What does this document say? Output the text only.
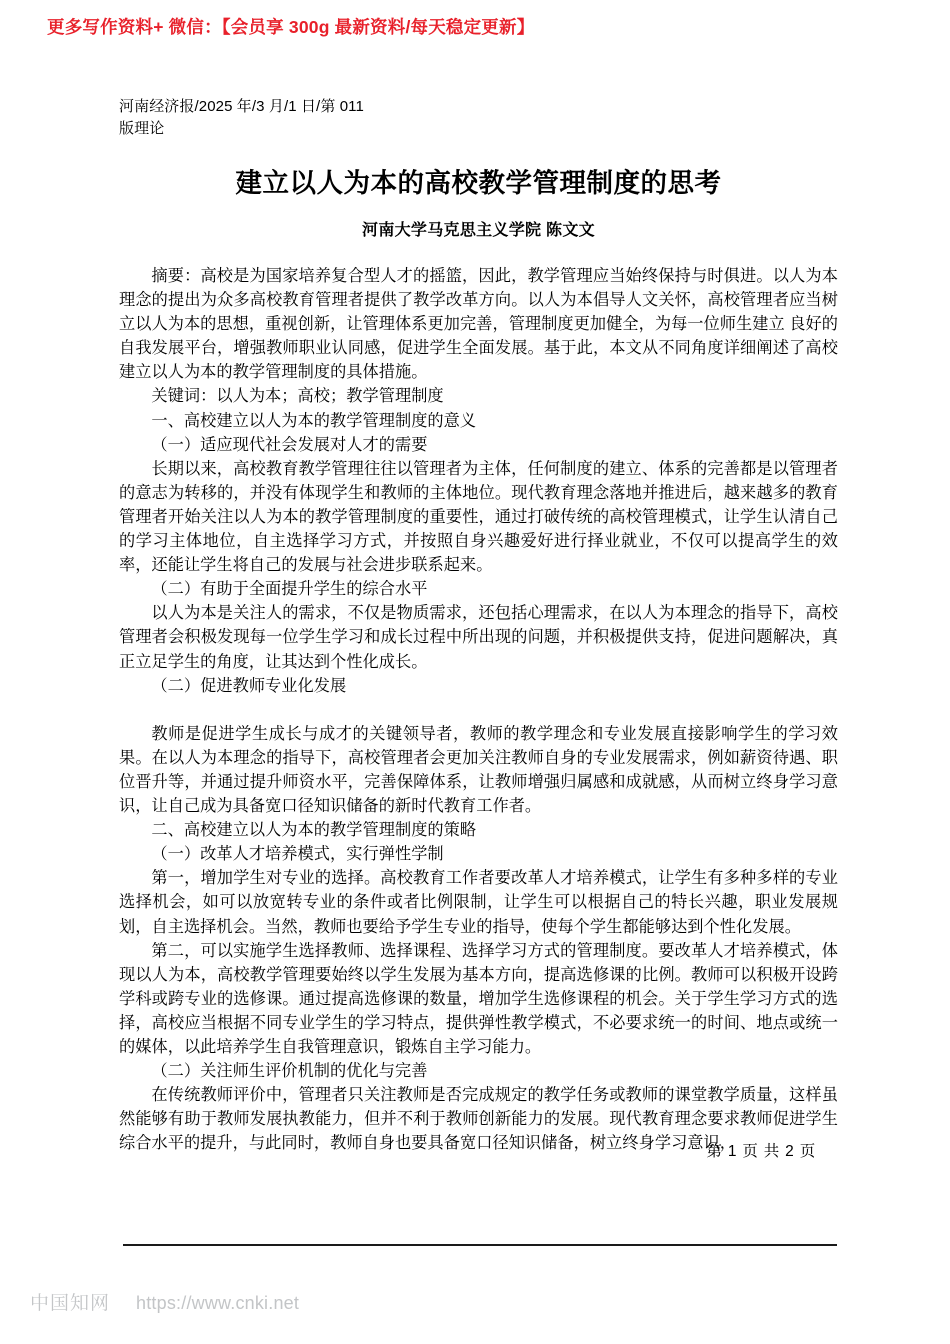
更多写作资料+ 微信：【会员享 300g 最新资料/每天稳定更新】
河南经济报/2025 年/3 月/1 日/第 011
版理论
建立以人为本的高校教学管理制度的思考
河南大学马克思主义学院 陈文文

摘要：高校是为国家培养复合型人才的摇篮，因此，教学管理应当始终保持与时俱进。以人为本理念的提出为众多高校教育管理者提供了教学改革方向。以人为本倡导人文关怀，高校管理者应当树立以人为本的思想，重视创新，让管理体系更加完善，管理制度更加健全，为每一位师生建立 良好的自我发展平台，增强教师职业认同感，促进学生全面发展。基于此，本文从不同角度详细阐述了高校建立以人为本的教学管理制度的具体措施。

关键词：以人为本；高校；教学管理制度

一、高校建立以人为本的教学管理制度的意义

（一）适应现代社会发展对人才的需要

长期以来，高校教育教学管理往往以管理者为主体，任何制度的建立、体系的完善都是以管理者的意志为转移的，并没有体现学生和教师的主体地位。现代教育理念落地并推进后，越来越多的教育管理者开始关注以人为本的教学管理制度的重要性，通过打破传统的高校管理模式，让学生认清自己的学习主体地位，自主选择学习方式，并按照自身兴趣爱好进行择业就业，不仅可以提高学生的效率，还能让学生将自己的发展与社会进步联系起来。

（二）有助于全面提升学生的综合水平

以人为本是关注人的需求，不仅是物质需求，还包括心理需求，在以人为本理念的指导下，高校管理者会积极发现每一位学生学习和成长过程中所出现的问题，并积极提供支持，促进问题解决，真正立足学生的角度，让其达到个性化成长。

（二）促进教师专业化发展

教师是促进学生成长与成才的关键领导者，教师的教学理念和专业发展直接影响学生的学习效果。在以人为本理念的指导下，高校管理者会更加关注教师自身的专业发展需求，例如薪资待遇、职位晋升等，并通过提升师资水平，完善保障体系，让教师增强归属感和成就感，从而树立终身学习意识，让自己成为具备宽口径知识储备的新时代教育工作者。

二、高校建立以人为本的教学管理制度的策略

（一）改革人才培养模式，实行弹性学制

第一，增加学生对专业的选择。高校教育工作者要改革人才培养模式，让学生有多种多样的专业选择机会，如可以放宽转专业的条件或者比例限制，让学生可以根据自己的特长兴趣，职业发展规划，自主选择机会。当然，教师也要给予学生专业的指导，使每个学生都能够达到个性化发展。

第二，可以实施学生选择教师、选择课程、选择学习方式的管理制度。要改革人才培养模式，体现以人为本，高校教学管理要始终以学生发展为基本方向，提高选修课的比例。教师可以积极开设跨学科或跨专业的选修课。通过提高选修课的数量，增加学生选修课程的机会。关于学生学习方式的选择，高校应当根据不同专业学生的学习特点，提供弹性教学模式，不必要求统一的时间、地点或统一的媒体，以此培养学生自我管理意识，锻炼自主学习能力。

（二）关注师生评价机制的优化与完善

在传统教师评价中，管理者只关注教师是否完成规定的教学任务或教师的课堂教学质量，这样虽然能够有助于教师发展执教能力，但并不利于教师创新能力的发展。现代教育理念要求教师促进学生综合水平的提升，与此同时，教师自身也要具备宽口径知识储备，树立终身学习意识，

第 1 页 共 2 页
中国知网 https://www.cnki.net
